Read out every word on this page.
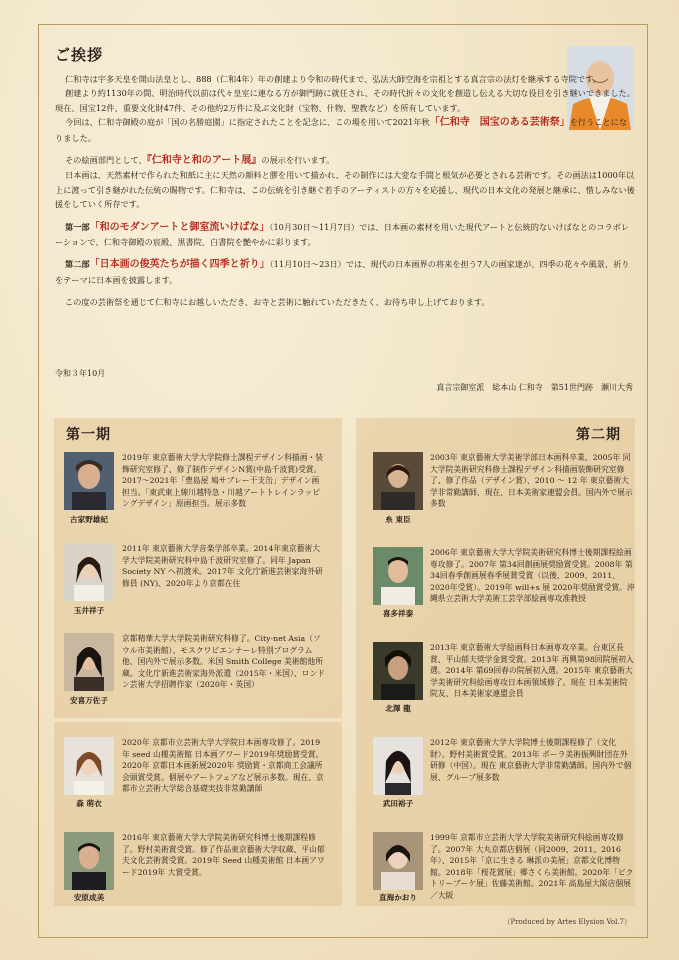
ご挨拶

仁和寺は宇多天皇を開山法皇とし、888（仁和4年）年の創建より令和の時代まで、弘法大師空海を宗祖とする真言宗の法灯を継承する寺院です。

創建より約1130年の間、明治時代以前は代々皇室に連なる方が御門跡に就任され、その時代折々の文化を創造し伝える大切な役目を引き継いできました。現在、国宝12件、重要文化財47件、その他約2万件に及ぶ文化財（宝物、什物、聖教など）を所有しています。

今回は、仁和寺御殿の庭が「国の名勝庭園」に指定されたことを記念に、この場を用いて2021年秋「仁和寺　国宝のある芸術祭」を行うことになりました。

その絵画部門として、『仁和寺と和のアート展』の展示を行います。

日本画は、天然素材で作られた和紙に主に天然の顔料と膠を用いて描かれ、その制作には大変な手間と根気が必要とされる芸術です。その画法は1000年以上に渡って引き継がれた伝統の賜物です。仁和寺は、この伝統を引き継ぐ若手のアーティストの方々を応援し、現代の日本文化の発展と継承に、惜しみない後援をしていく所存です。

第一部「和のモダンアートと御室流いけばな」（10月30日～11月7日）では、日本画の素材を用いた現代アートと伝統的ないけばなとのコラボレーションで、仁和寺御殿の宸殿、黒書院、白書院を艶やかに彩ります。

第二部「日本画の俊英たちが描く四季と祈り」（11月10日～23日）では、現代の日本画界の将来を担う7人の画家達が、四季の花々や風景、祈りをテーマに日本画を披露します。

この度の芸術祭を通じて仁和寺にお越しいただき、お寺と芸術に触れていただきたく、お待ち申し上げております。

令和３年10月
真言宗御室派　総本山 仁和寺　第51世門跡　瀬川大秀
第一期	第二期
古家野雄紀
2019年 東京藝術大学大学院修士課程デザイン科描画・装飾研究室修了、修了制作デザインN賞(中島千波賞)受賞。2017～2021年「豊島屋 鳩サブレー干支缶」デザイン画担当。「東武東上線川越特急・川越アートトレインラッピングデザイン」原画担当。展示多数
玉井祥子
2011年 東京藝術大学音楽学部卒業。2014年東京藝術大学大学院美術研究科中島千波研究室修了。同年 Japan Society NY へ初渡米。2017年 文化庁新進芸術家海外研修員 (NY)、2020年より京都在住
安喜万佐子
京都精華大学大学院美術研究科修了。City-net Asia（ソウル市美術館）、モスクワビエンナーレ特別プログラム他、国内外で展示多数。米国 Smith College 美術館他所蔵。文化庁新進芸術家海外派遣（2015年・米国）、ロンドン芸術大学招聘作家（2020年・英国）
森 萌衣
2020年 京都市立芸術大学大学院日本画専攻修了。2019年 seed 山種美術館 日本画アワード2019年奨励賞受賞。2020年 京都日本画新展2020年 奨励賞・京都商工会議所会頭賞受賞。個展やアートフェアなど展示多数。現在、京都市立芸術大学総合基礎実技非常勤講師
安原成美
2016年 東京藝術大学大学院美術研究科博士後期課程修了。野村美術賞受賞。修了作品東京藝術大学収蔵、平山郁夫文化芸術賞受賞。2019年 Seed 山種美術館 日本画アワード2019年 大賞受賞。
糸 東臣
2003年 東京藝術大学美術学部日本画科卒業、2005年 同大学院美術研究科修士課程デザイン科描画装飾研究室修了、修了作品（デザイン賞）、2010 ～ 12 年 東京藝術大学非常勤講師、現在、日本美術家連盟会員。国内外で展示多数
喜多祥泰
2006年 東京藝術大学大学院美術研究科博士後期課程絵画専攻修了。2007年 第34回創画展奨励賞受賞。2008年 第34回春季創画展春季展賞受賞（以後、2009、2011、2020年受賞）。2019年 will+s 展 2020年奨励賞受賞。沖縄県立芸術大学美術工芸学部絵画専攻准教授
北澤 龍
2013年 東京藝術大学絵画科日本画専攻卒業。台東区長賞、平山郁夫奨学金賞受賞。2013年 再興第98回院展初入選。2014年 第69回春の院展初入選。2015年 東京藝術大学美術研究科絵画専攻日本画領域修了。現在 日本美術院院友、日本美術家連盟会員
武田裕子
2012年 東京藝術大学大学院博士後期課程修了（文化財）。野村美術賞受賞。2013年 ポーラ美術振興財団在外研修（中国）。現在 東京藝術大学非常勤講師。国内外で個展、グループ展多数
直海かおり
1999年 京都市立芸術大学大学院美術研究科絵画専攻修了。2007年 大丸京都店個展（同2009、2011、2016年）、2015年「京に生きる 琳派の美展」京都文化博物館。2018年「桜花賞展」郷さくら美術館。2020年「ビクトリーブーケ展」佐藤美術館。2021年 高島屋大阪店個展／大阪
（Produced by Artes Elysion Vol.7）
